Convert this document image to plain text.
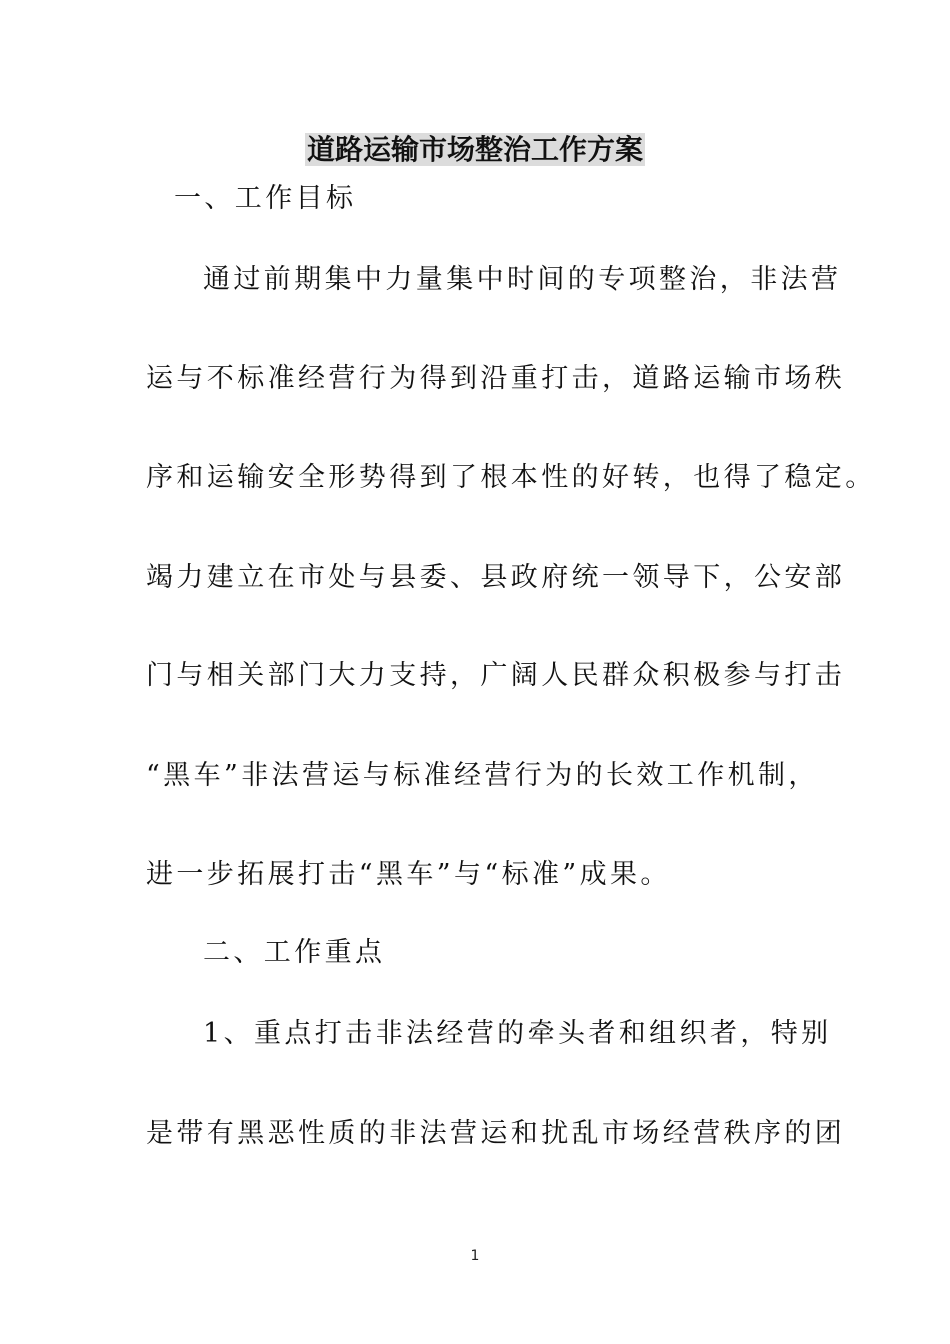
道路运输市场整治工作方案
一、工作目标
通过前期集中力量集中时间的专项整治，非法营
运与不标准经营行为得到沿重打击，道路运输市场秩
序和运输安全形势得到了根本性的好转，也得了稳定。
竭力建立在市处与县委、县政府统一领导下，公安部
门与相关部门大力支持，广阔人民群众积极参与打击
“黑车”非法营运与标准经营行为的长效工作机制，
进一步拓展打击“黑车”与“标准”成果。
二、工作重点
1、重点打击非法经营的牵头者和组织者，特别
是带有黑恶性质的非法营运和扰乱市场经营秩序的团
1
